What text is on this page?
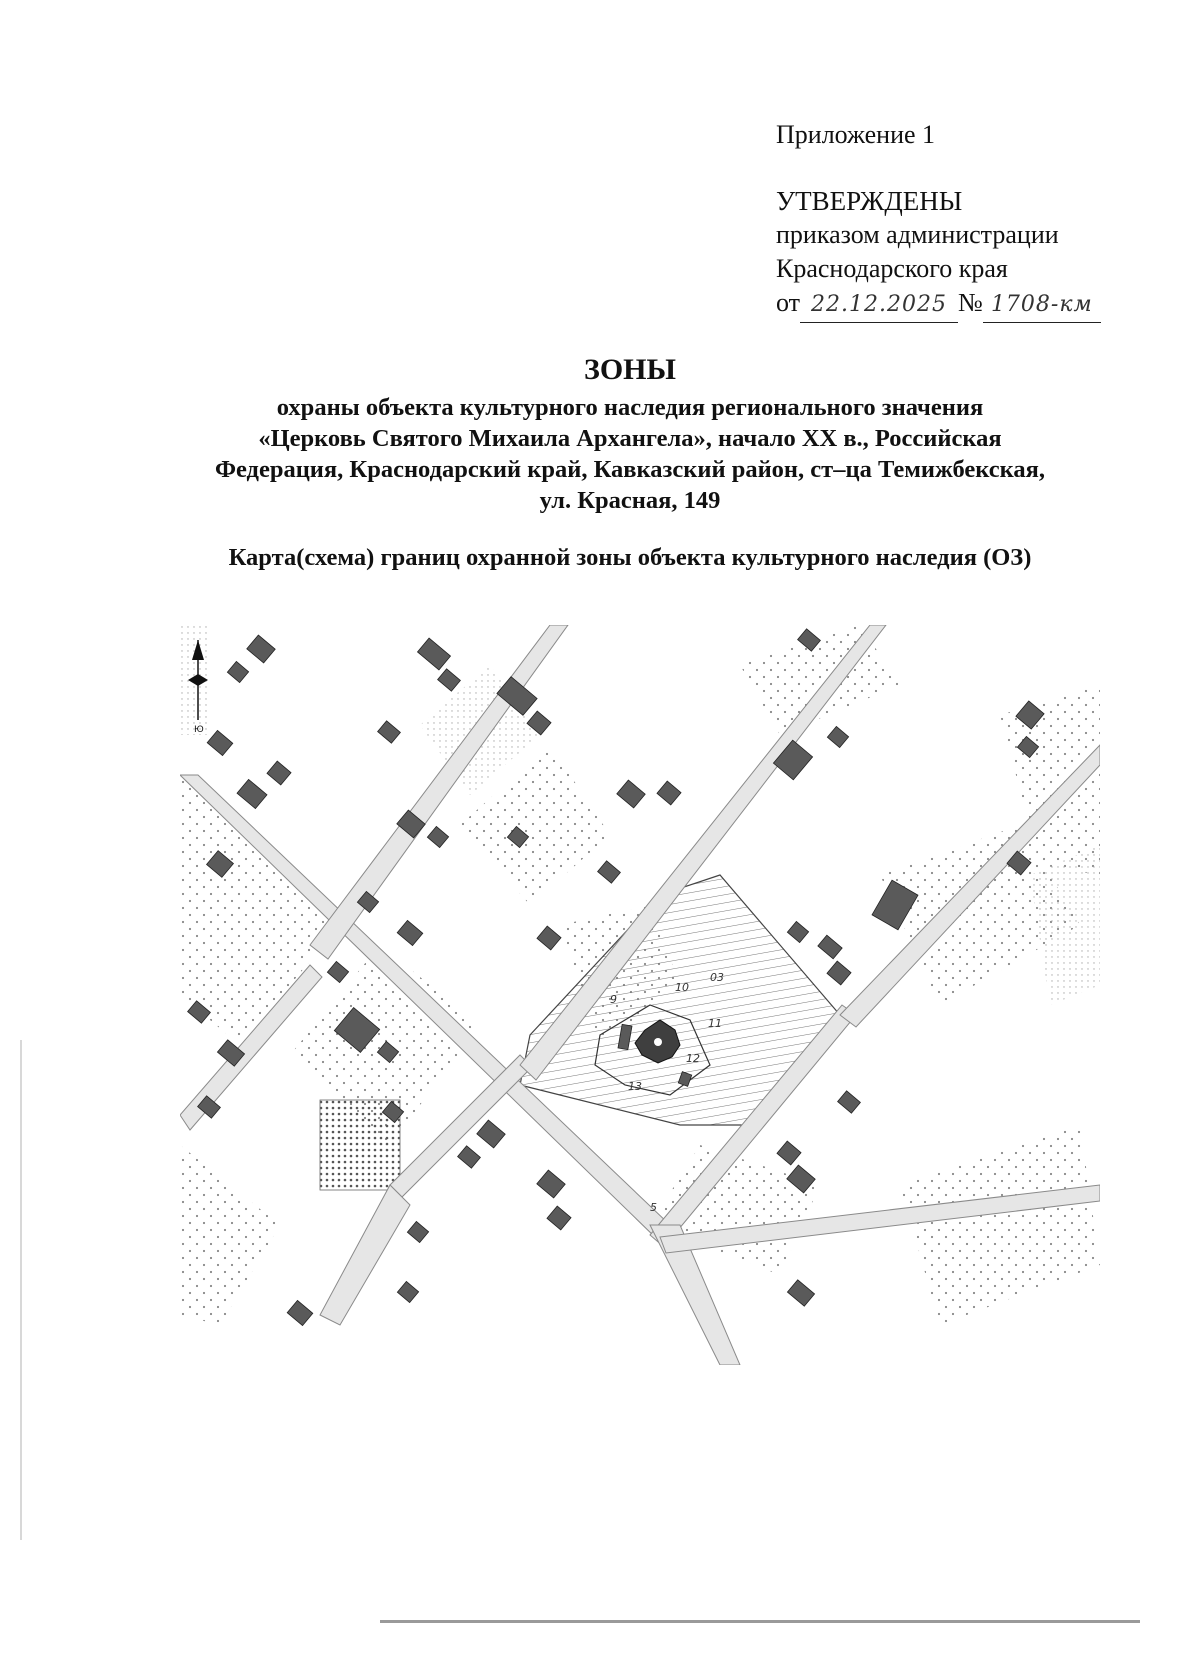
Приложение 1
УТВЕРЖДЕНЫ
приказом администрации
Краснодарского края
от 22.12.2025 № 1708-км
ЗОНЫ
охраны объекта культурного наследия регионального значения
«Церковь Святого Михаила Архангела», начало XX в., Российская
Федерация, Краснодарский край, Кавказский район, ст–ца Темижбекская,
ул. Красная, 149
Карта(схема) границ охранной зоны объекта культурного наследия (ОЗ)
9
10
03
11
12
13
5
Ю
